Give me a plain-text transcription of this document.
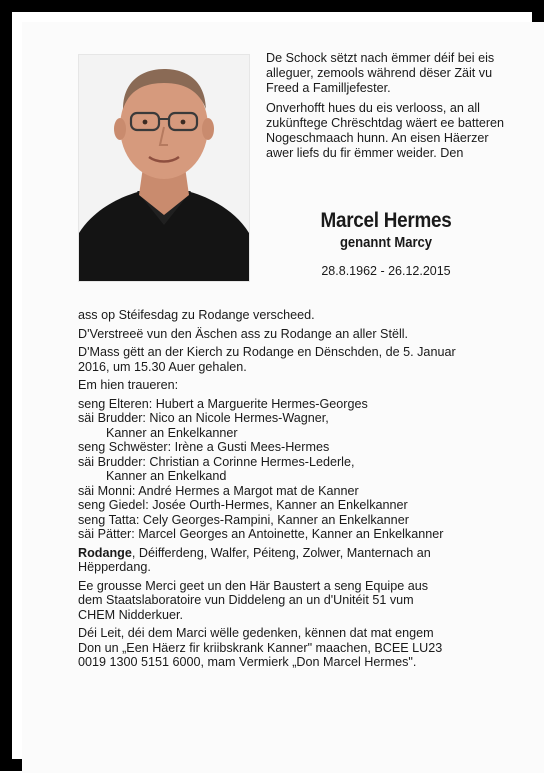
De Schock sëtzt nach ëmmer déif bei eis alleguer, zemools während dëser Zäit vu Freed a Familljefester.

Onverhofft hues du eis verlooss, an all zukünftege Chrëschtdag wäert ee batteren Nogeschmaach hunn. An eisen Häerzer awer liefs du fir ëmmer weider. Den

Marcel Hermes
genannt Marcy
28.8.1962 - 26.12.2015

ass op Stéifesdag zu Rodange verscheed.

D'Verstreeë vun den Äschen ass zu Rodange an aller Stëll.

D'Mass gëtt an der Kierch zu Rodange en Dënschden, de 5. Januar
2016, um 15.30 Auer gehalen.

Em hien traueren:

seng Elteren: Hubert a Marguerite Hermes-Georges
säi Brudder: Nico an Nicole Hermes-Wagner,
Kanner an Enkelkanner
seng Schwëster: Irène a Gusti Mees-Hermes
säi Brudder: Christian a Corinne Hermes-Lederle,
Kanner an Enkelkand
säi Monni: André Hermes a Margot mat de Kanner
seng Giedel: Josée Ourth-Hermes, Kanner an Enkelkanner
seng Tatta: Cely Georges-Rampini, Kanner an Enkelkanner
säi Pätter: Marcel Georges an Antoinette, Kanner an Enkelkanner

Rodange, Déifferdeng, Walfer, Péiteng, Zolwer, Manternach an
Hëpperdang.

Ee grousse Merci geet un den Här Baustert a seng Equipe aus
dem Staatslaboratoire vun Diddeleng an un d'Unitéit 51 vum
CHEM Nidderkuer.

Déi Leit, déi dem Marci wëlle gedenken, kënnen dat mat engem
Don un „Een Häerz fir kriibskrank Kanner" maachen, BCEE LU23
0019 1300 5151 6000, mam Vermierk „Don Marcel Hermes".
